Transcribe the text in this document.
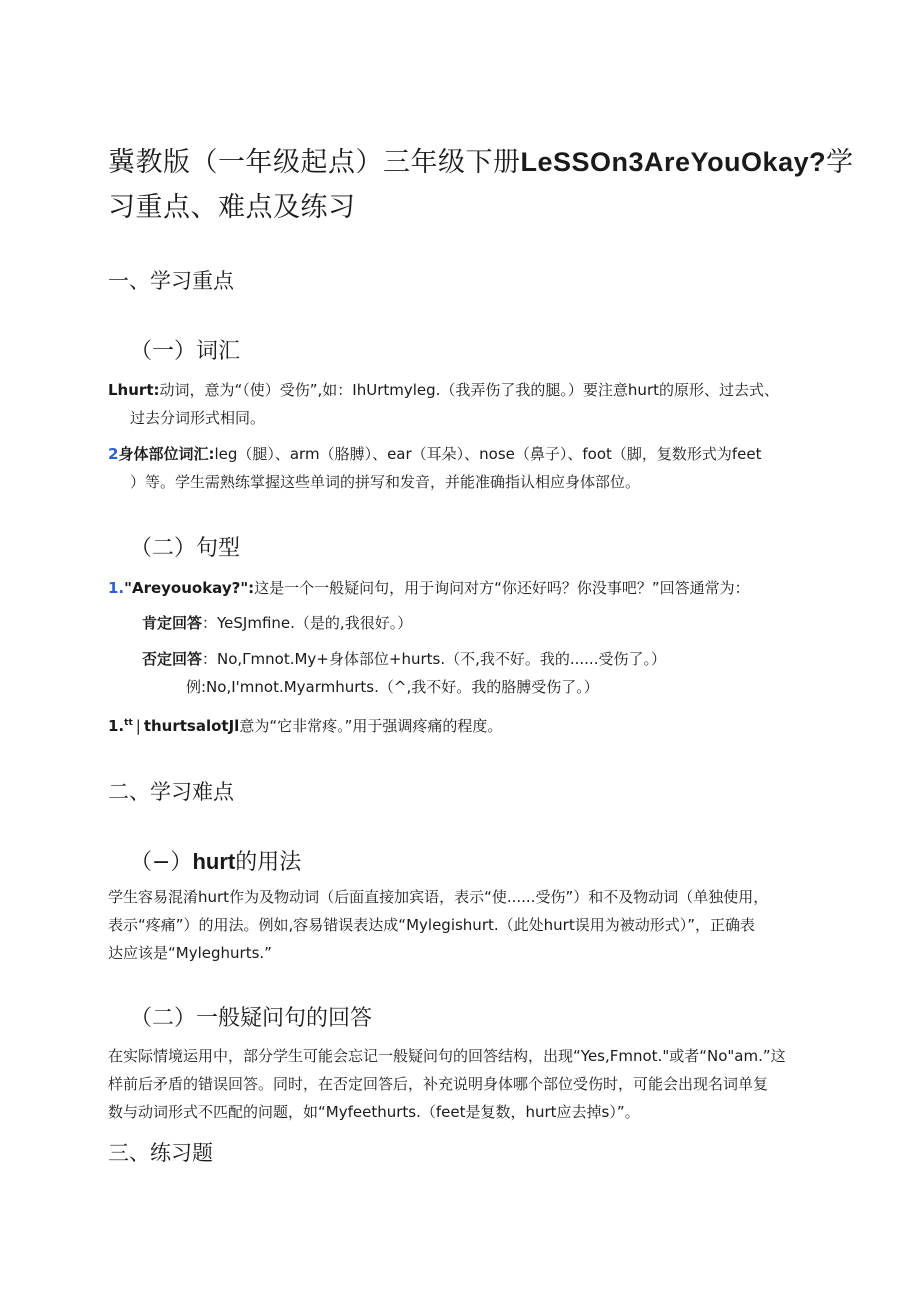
冀教版（一年级起点）三年级下册LeSSOn3AreYouOkay?学
习重点、难点及练习
一、学习重点
（一）词汇
Lhurt:动词，意为“（使）受伤”,如：IhUrtmyleg.（我弄伤了我的腿。）要注意hurt的原形、过去式、
过去分词形式相同。
2身体部位词汇:leg（腿）、arm（胳膊）、ear（耳朵）、nose（鼻子）、foot（脚，复数形式为feet
）等。学生需熟练掌握这些单词的拼写和发音，并能准确指认相应身体部位。
（二）句型
1."Areyouokay?":这是一个一般疑问句，用于询问对方“你还好吗？你没事吧？”回答通常为：
肯定回答：YeSJmfine.（是的,我很好。）
否定回答：No,Γmnot.My+身体部位+hurts.（不,我不好。我的......受伤了。）
例:No,I'mnot.Myarmhurts.（^,我不好。我的胳膊受伤了。）
1.$^{tt}$ | thurtsalotJl意为“它非常疼。”用于强调疼痛的程度。
二、学习难点
（−）hurt的用法
学生容易混淆hurt作为及物动词（后面直接加宾语，表示“使......受伤”）和不及物动词（单独使用，
表示“疼痛”）的用法。例如,容易错误表达成“Mylegishurt.（此处hurt误用为被动形式）”，正确表
达应该是“Myleghurts.”
（二）一般疑问句的回答
在实际情境运用中，部分学生可能会忘记一般疑问句的回答结构，出现“Yes,Fmnot."或者“No"am.”这
样前后矛盾的错误回答。同时，在否定回答后，补充说明身体哪个部位受伤时，可能会出现名词单复
数与动词形式不匹配的问题，如“Myfeethurts.（feet是复数，hurt应去掉s）”。
三、练习题
